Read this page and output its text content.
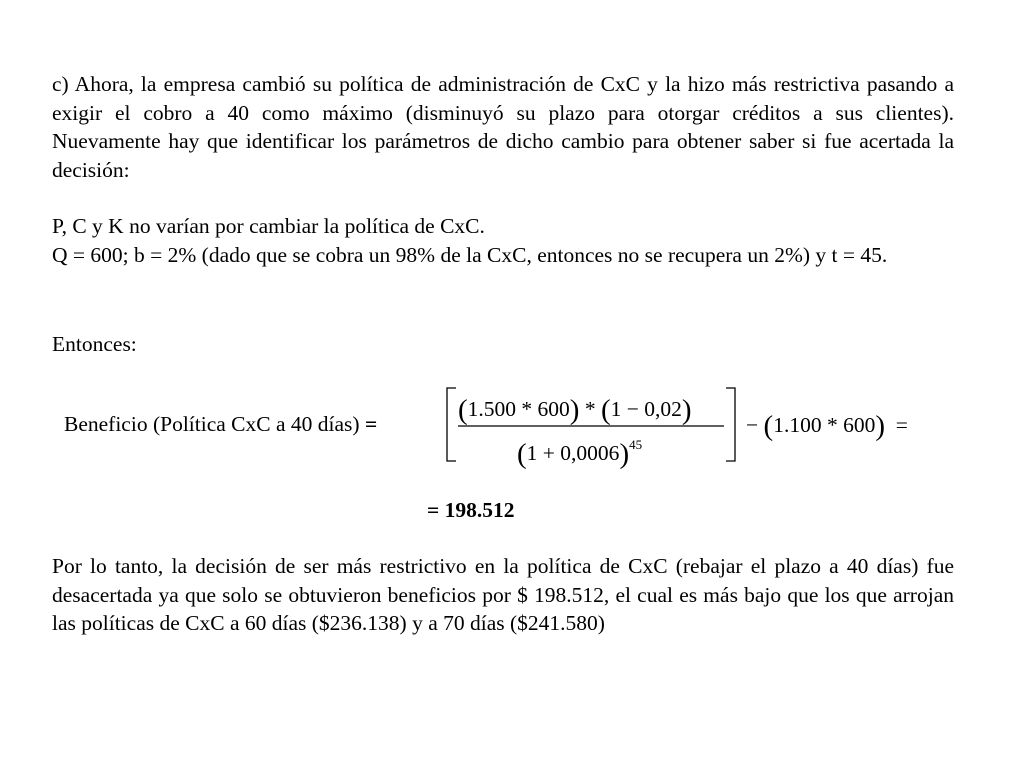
c) Ahora, la empresa cambió su política de administración de CxC y la hizo más restrictiva pasando a exigir el cobro a 40 como máximo (disminuyó su plazo para otorgar créditos a sus clientes). Nuevamente hay que identificar los parámetros de dicho cambio para obtener saber si fue acertada la decisión:

P, C y K no varían por cambiar la política de CxC.

Q = 600; b = 2% (dado que se cobra un 98% de la CxC, entonces no se recupera un 2%) y t = 45.

Entonces:

Beneficio (Política CxC a 40 días) =	(1.500 * 600) * (1 − 0,02)
$(1 + 0,0006)^{45}$
− (1.100 * 600) =

= 198.512

Por lo tanto, la decisión de ser más restrictivo en la política de CxC (rebajar el plazo a 40 días) fue desacertada ya que solo se obtuvieron beneficios por $ 198.512, el cual es más bajo que los que arrojan las políticas de CxC a 60 días ($236.138) y a 70 días ($241.580)
